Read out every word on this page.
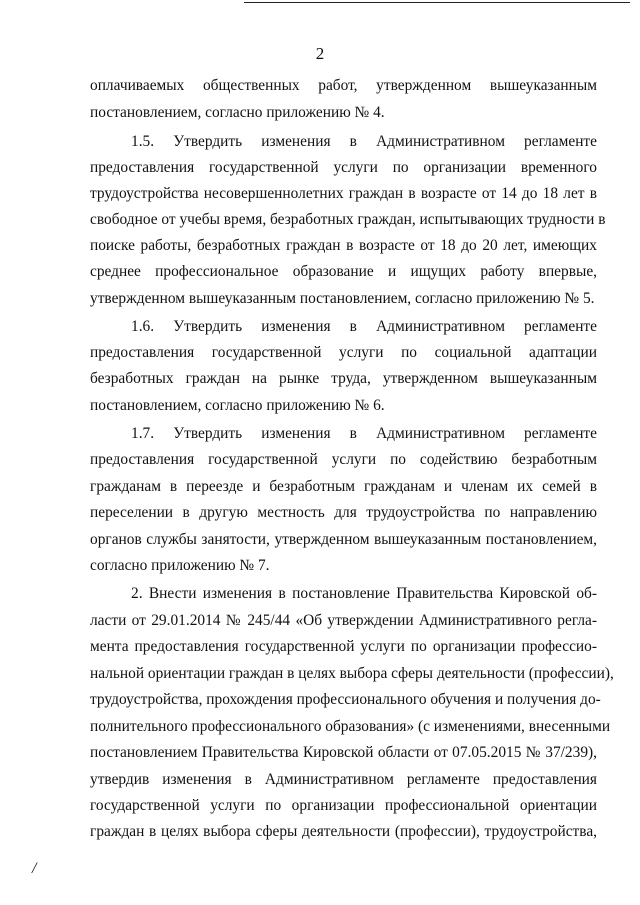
2
оплачиваемых общественных работ, утвержденном вышеуказанным
постановлением, согласно приложению № 4.
1.5. Утвердить изменения в Административном регламенте
предоставления государственной услуги по организации временного
трудоустройства несовершеннолетних граждан в возрасте от 14 до 18 лет в
свободное от учебы время, безработных граждан, испытывающих трудности в
поиске работы, безработных граждан в возрасте от 18 до 20 лет, имеющих
среднее профессиональное образование и ищущих работу впервые,
утвержденном вышеуказанным постановлением, согласно приложению № 5.
1.6. Утвердить изменения в Административном регламенте
предоставления государственной услуги по социальной адаптации
безработных граждан на рынке труда, утвержденном вышеуказанным
постановлением, согласно приложению № 6.
1.7. Утвердить изменения в Административном регламенте
предоставления государственной услуги по содействию безработным
гражданам в переезде и безработным гражданам и членам их семей в
переселении в другую местность для трудоустройства по направлению
органов службы занятости, утвержденном вышеуказанным постановлением,
согласно приложению № 7.
2. Внести изменения в постановление Правительства Кировской об-
ласти от 29.01.2014 № 245/44 «Об утверждении Административного регла-
мента предоставления государственной услуги по организации профессио-
нальной ориентации граждан в целях выбора сферы деятельности (профессии),
трудоустройства, прохождения профессионального обучения и получения до-
полнительного профессионального образования» (с изменениями, внесенными
постановлением Правительства Кировской области от 07.05.2015 № 37/239),
утвердив изменения в Административном регламенте предоставления
государственной услуги по организации профессиональной ориентации
граждан в целях выбора сферы деятельности (профессии), трудоустройства,
/
